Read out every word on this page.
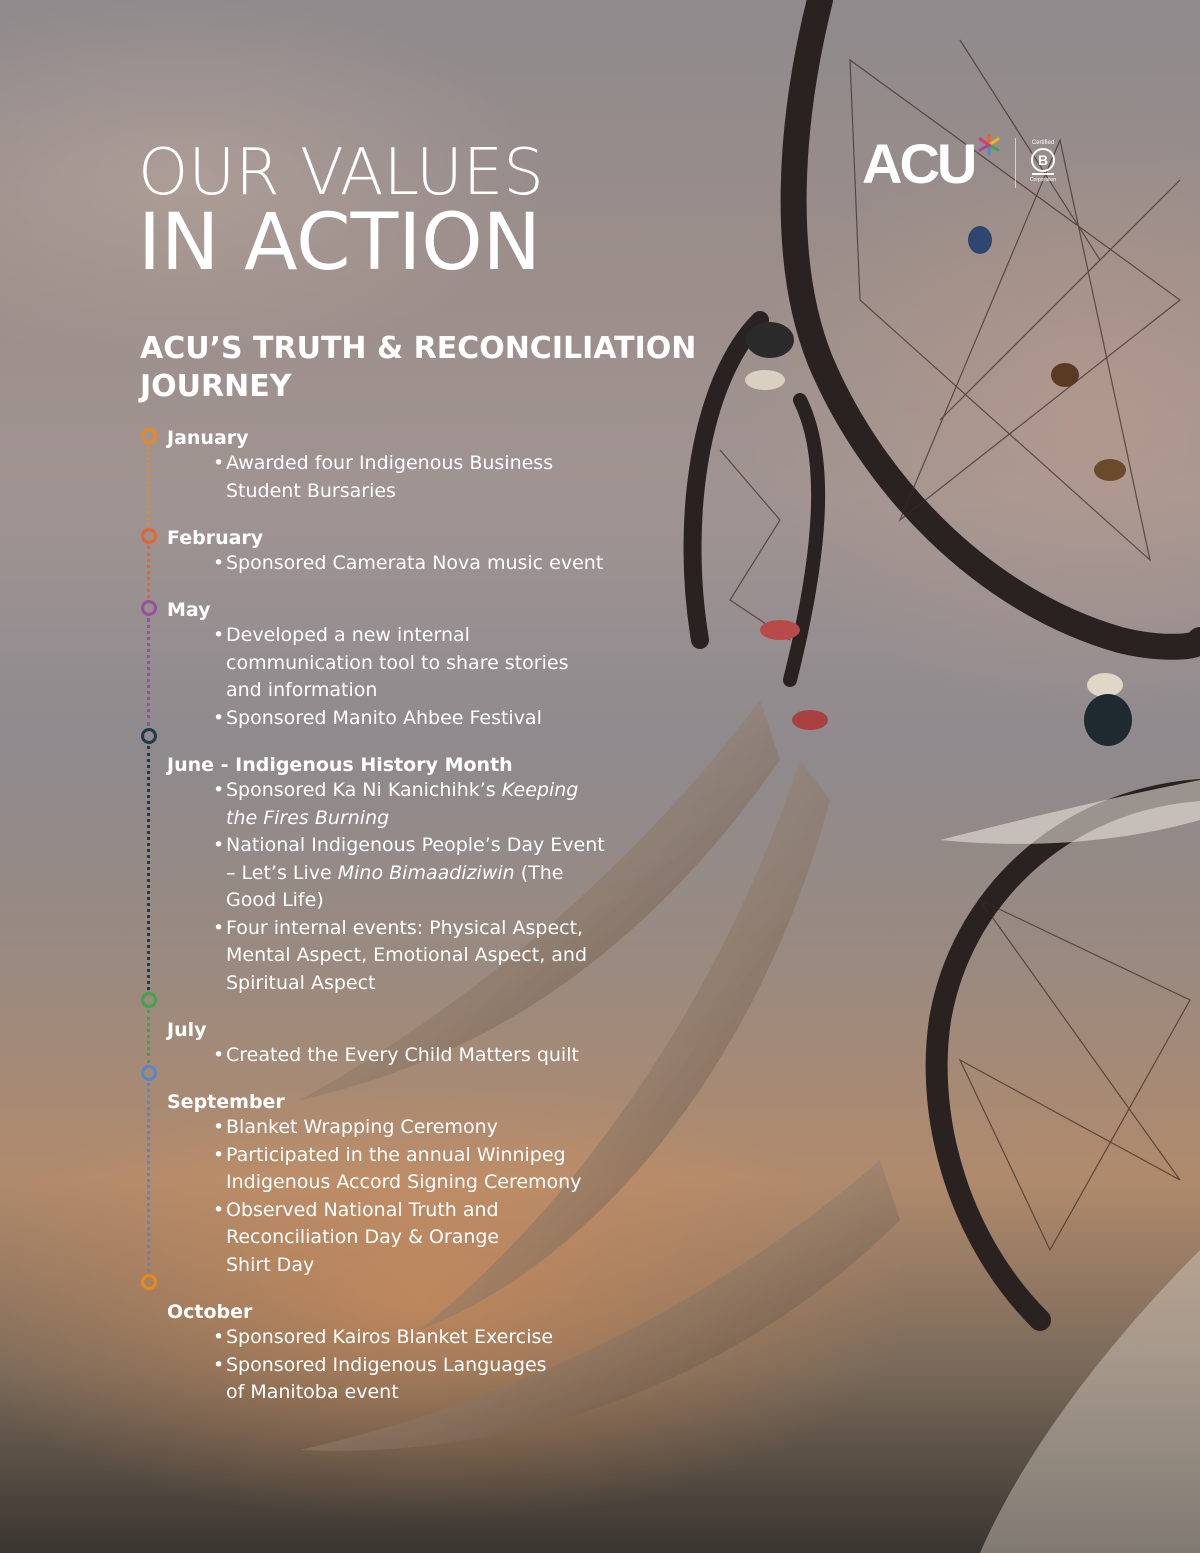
ACU	Certified
B
Corporation
OUR VALUES
IN ACTION
ACU’S TRUTH & RECONCILIATION
JOURNEY
January
• Awarded four Indigenous Business
Student Bursaries
February
• Sponsored Camerata Nova music event
May
• Developed a new internal
communication tool to share stories
and information
• Sponsored Manito Ahbee Festival
June - Indigenous History Month
• Sponsored Ka Ni Kanichihk’s Keeping
the Fires Burning
• National Indigenous People’s Day Event
– Let’s Live Mino Bimaadiziwin (The
Good Life)
• Four internal events: Physical Aspect,
Mental Aspect, Emotional Aspect, and
Spiritual Aspect
July
• Created the Every Child Matters quilt
September
• Blanket Wrapping Ceremony
• Participated in the annual Winnipeg
Indigenous Accord Signing Ceremony
• Observed National Truth and
Reconciliation Day & Orange
Shirt Day
October
• Sponsored Kairos Blanket Exercise
• Sponsored Indigenous Languages
of Manitoba event
